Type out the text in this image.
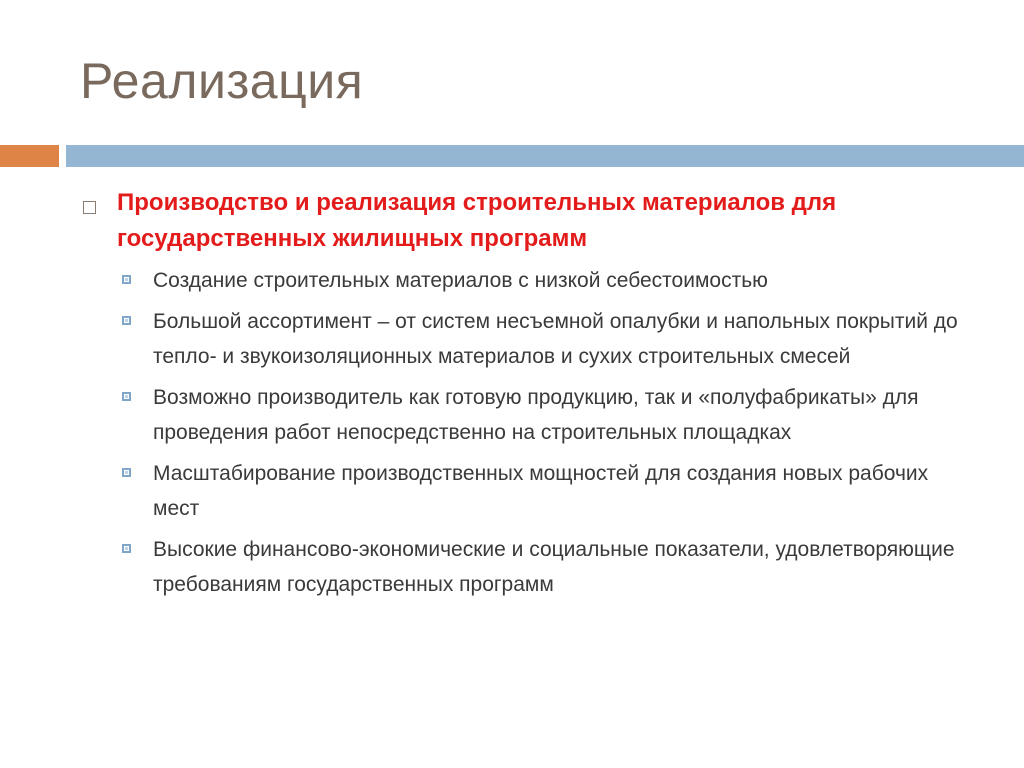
Реализация
Производство и реализация строительных материалов для государственных жилищных программ
Создание строительных материалов с низкой себестоимостью
Большой ассортимент – от систем несъемной опалубки и напольных покрытий до тепло- и звукоизоляционных материалов и сухих строительных смесей
Возможно производитель как готовую продукцию, так и «полуфабрикаты» для проведения работ непосредственно на строительных площадках
Масштабирование производственных мощностей для создания новых рабочих мест
Высокие финансово-экономические и социальные показатели, удовлетворяющие требованиям государственных программ
